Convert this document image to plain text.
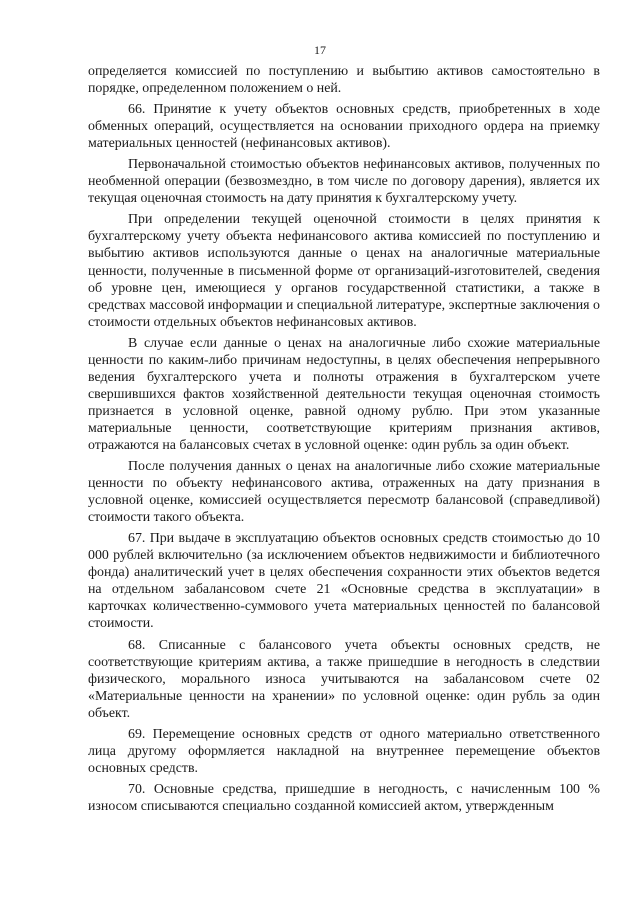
17

определяется комиссией по поступлению и выбытию активов самостоятельно в порядке, определенном положением о ней.

66. Принятие к учету объектов основных средств, приобретенных в ходе обменных операций, осуществляется на основании приходного ордера на приемку материальных ценностей (нефинансовых активов).

Первоначальной стоимостью объектов нефинансовых активов, полученных по необменной операции (безвозмездно, в том числе по договору дарения), является их текущая оценочная стоимость на дату принятия к бухгалтерскому учету.

При определении текущей оценочной стоимости в целях принятия к бухгалтерскому учету объекта нефинансового актива комиссией по поступлению и выбытию активов используются данные о ценах на аналогичные материальные ценности, полученные в письменной форме от организаций-изготовителей, сведения об уровне цен, имеющиеся у органов государственной статистики, а также в средствах массовой информации и специальной литературе, экспертные заключения о стоимости отдельных объектов нефинансовых активов.

В случае если данные о ценах на аналогичные либо схожие материальные ценности по каким-либо причинам недоступны, в целях обеспечения непрерывного ведения бухгалтерского учета и полноты отражения в бухгалтерском учете свершившихся фактов хозяйственной деятельности текущая оценочная стоимость признается в условной оценке, равной одному рублю. При этом указанные материальные ценности, соответствующие критериям признания активов, отражаются на балансовых счетах в условной оценке: один рубль за один объект.

После получения данных о ценах на аналогичные либо схожие материальные ценности по объекту нефинансового актива, отраженных на дату признания в условной оценке, комиссией осуществляется пересмотр балансовой (справедливой) стоимости такого объекта.

67. При выдаче в эксплуатацию объектов основных средств стоимостью до 10 000 рублей включительно (за исключением объектов недвижимости и библиотечного фонда) аналитический учет в целях обеспечения сохранности этих объектов ведется на отдельном забалансовом счете 21 «Основные средства в эксплуатации» в карточках количественно-суммового учета материальных ценностей по балансовой стоимости.

68. Списанные с балансового учета объекты основных средств, не соответствующие критериям актива, а также пришедшие в негодность в следствии физического, морального износа учитываются на забалансовом счете 02 «Материальные ценности на хранении» по условной оценке: один рубль за один объект.

69. Перемещение основных средств от одного материально ответственного лица другому оформляется накладной на внутреннее перемещение объектов основных средств.

70. Основные средства, пришедшие в негодность, с начисленным 100 % износом списываются специально созданной комиссией актом, утвержденным
